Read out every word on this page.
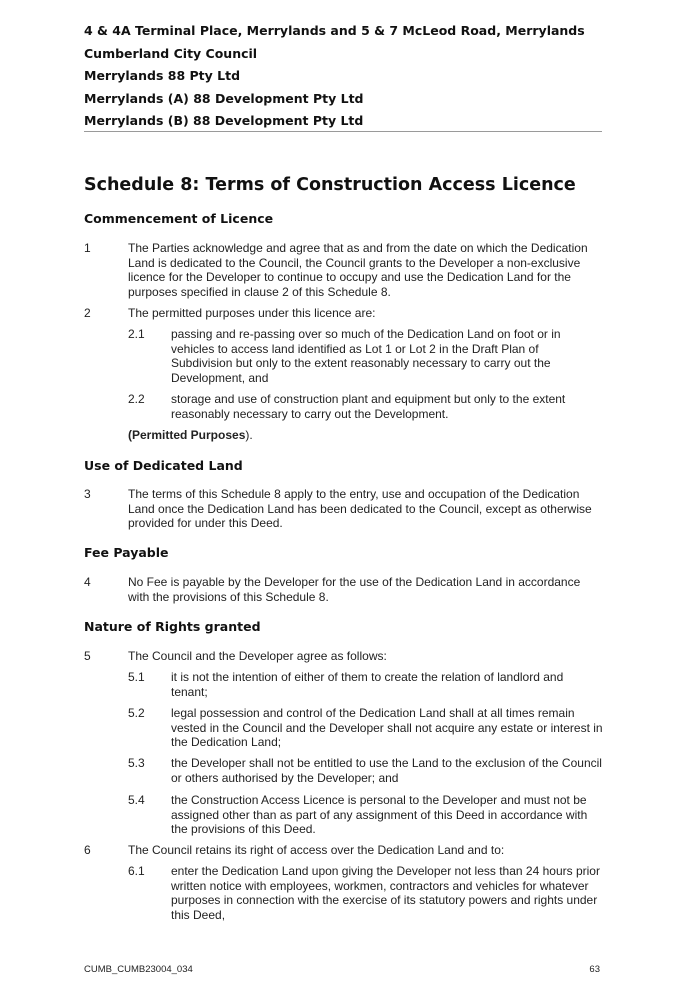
4 & 4A Terminal Place, Merrylands and 5 & 7 McLeod Road, Merrylands
Cumberland City Council
Merrylands 88 Pty Ltd
Merrylands (A) 88 Development Pty Ltd
Merrylands (B) 88 Development Pty Ltd
Schedule 8: Terms of Construction Access Licence
Commencement of Licence
1	The Parties acknowledge and agree that as and from the date on which the Dedication Land is dedicated to the Council, the Council grants to the Developer a non-exclusive licence for the Developer to continue to occupy and use the Dedication Land for the purposes specified in clause 2 of this Schedule 8.
2	The permitted purposes under this licence are:
2.1 passing and re-passing over so much of the Dedication Land on foot or in vehicles to access land identified as Lot 1 or Lot 2 in the Draft Plan of Subdivision but only to the extent reasonably necessary to carry out the Development, and
2.2 storage and use of construction plant and equipment but only to the extent reasonably necessary to carry out the Development.
(Permitted Purposes).
Use of Dedicated Land
3	The terms of this Schedule 8 apply to the entry, use and occupation of the Dedication Land once the Dedication Land has been dedicated to the Council, except as otherwise provided for under this Deed.
Fee Payable
4	No Fee is payable by the Developer for the use of the Dedication Land in accordance with the provisions of this Schedule 8.
Nature of Rights granted
5	The Council and the Developer agree as follows:
5.1 it is not the intention of either of them to create the relation of landlord and tenant;
5.2 legal possession and control of the Dedication Land shall at all times remain vested in the Council and the Developer shall not acquire any estate or interest in the Dedication Land;
5.3 the Developer shall not be entitled to use the Land to the exclusion of the Council or others authorised by the Developer; and
5.4 the Construction Access Licence is personal to the Developer and must not be assigned other than as part of any assignment of this Deed in accordance with the provisions of this Deed.
6	The Council retains its right of access over the Dedication Land and to:
6.1 enter the Dedication Land upon giving the Developer not less than 24 hours prior written notice with employees, workmen, contractors and vehicles for whatever purposes in connection with the exercise of its statutory powers and rights under this Deed,
CUMB_CUMB23004_034	63
